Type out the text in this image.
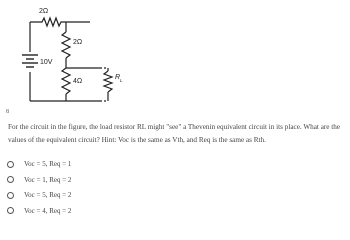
2Ω
2Ω
4Ω
10V
R L
8
For the circuit in the figure, the load resistor RL might "see" a Thevenin equivalent circuit in its place. What are the values of the equivalent circuit? Hint: Voc is the same as Vth, and Req is the same as Rth.
Voc = 5, Req = 1
Voc = 1, Req = 2
Voc = 5, Req = 2
Voc = 4, Req = 2
